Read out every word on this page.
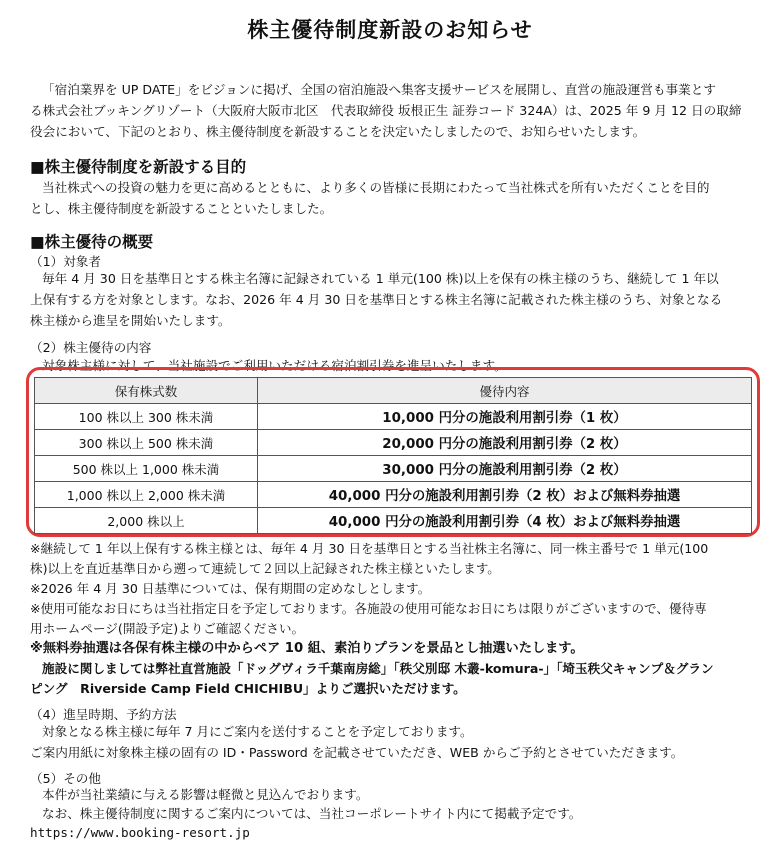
株主優待制度新設のお知らせ
「宿泊業界を UP DATE」をビジョンに掲げ、全国の宿泊施設へ集客支援サービスを展開し、直営の施設運営も事業とす
る株式会社ブッキングリゾート（大阪府大阪市北区　代表取締役 坂根正生 証券コード 324A）は、2025 年 9 月 12 日の取締
役会において、下記のとおり、株主優待制度を新設することを決定いたしましたので、お知らせいたします。
■株主優待制度を新設する目的
当社株式への投資の魅力を更に高めるとともに、より多くの皆様に長期にわたって当社株式を所有いただくことを目的
とし、株主優待制度を新設することといたしました。
■株主優待の概要
（1）対象者
毎年 4 月 30 日を基準日とする株主名簿に記録されている 1 単元(100 株)以上を保有の株主様のうち、継続して 1 年以
上保有する方を対象とします。なお、2026 年 4 月 30 日を基準日とする株主名簿に記載された株主様のうち、対象となる
株主様から進呈を開始いたします。
（2）株主優待の内容
対象株主様に対して、当社施設でご利用いただける宿泊割引券を進呈いたします。
保有株式数	優待内容
100 株以上 300 株未満	10,000 円分の施設利用割引券（1 枚）
300 株以上 500 株未満	20,000 円分の施設利用割引券（2 枚）
500 株以上 1,000 株未満	30,000 円分の施設利用割引券（2 枚）
1,000 株以上 2,000 株未満	40,000 円分の施設利用割引券（2 枚）および無料券抽選
2,000 株以上	40,000 円分の施設利用割引券（4 枚）および無料券抽選
※継続して 1 年以上保有する株主様とは、毎年 4 月 30 日を基準日とする当社株主名簿に、同一株主番号で 1 単元(100
株)以上を直近基準日から遡って連続して２回以上記録された株主様といたします。
※2026 年 4 月 30 日基準については、保有期間の定めなしとします。
※使用可能なお日にちは当社指定日を予定しております。各施設の使用可能なお日にちは限りがございますので、優待専
用ホームページ(開設予定)よりご確認ください。
※無料券抽選は各保有株主様の中からペア 10 組、素泊りプランを景品とし抽選いたします。
施設に関しましては弊社直営施設「ドッグヴィラ千葉南房総」「秩父別邸 木叢-komura-」「埼玉秩父キャンプ＆グラン
ピング　Riverside Camp Field CHICHIBU」よりご選択いただけます。
（4）進呈時期、予約方法
対象となる株主様に毎年 7 月にご案内を送付することを予定しております。
ご案内用紙に対象株主様の固有の ID・Password を記載させていただき、WEB からご予約とさせていただきます。
（5）その他
本件が当社業績に与える影響は軽微と見込んでおります。
なお、株主優待制度に関するご案内については、当社コーポレートサイト内にて掲載予定です。
https://www.booking-resort.jp
